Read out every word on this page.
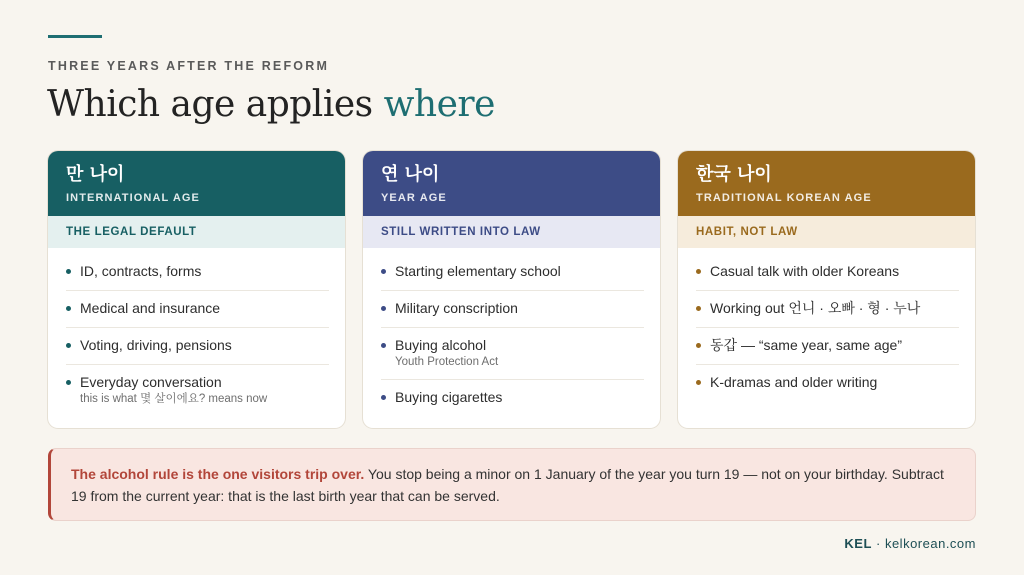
THREE YEARS AFTER THE REFORM
Which age applies where
만 나이
INTERNATIONAL AGE
THE LEGAL DEFAULT
ID, contracts, forms
Medical and insurance
Voting, driving, pensions
Everyday conversation
this is what 몇 살이에요? means now
연 나이
YEAR AGE
STILL WRITTEN INTO LAW
Starting elementary school
Military conscription
Buying alcohol
Youth Protection Act
Buying cigarettes
한국 나이
TRADITIONAL KOREAN AGE
HABIT, NOT LAW
Casual talk with older Koreans
Working out 언니 · 오빠 · 형 · 누나
동갑 — “same year, same age”
K-dramas and older writing
The alcohol rule is the one visitors trip over. You stop being a minor on 1 January of the year you turn 19 — not on your birthday. Subtract 19 from the current year: that is the last birth year that can be served.
KEL · kelkorean.com
